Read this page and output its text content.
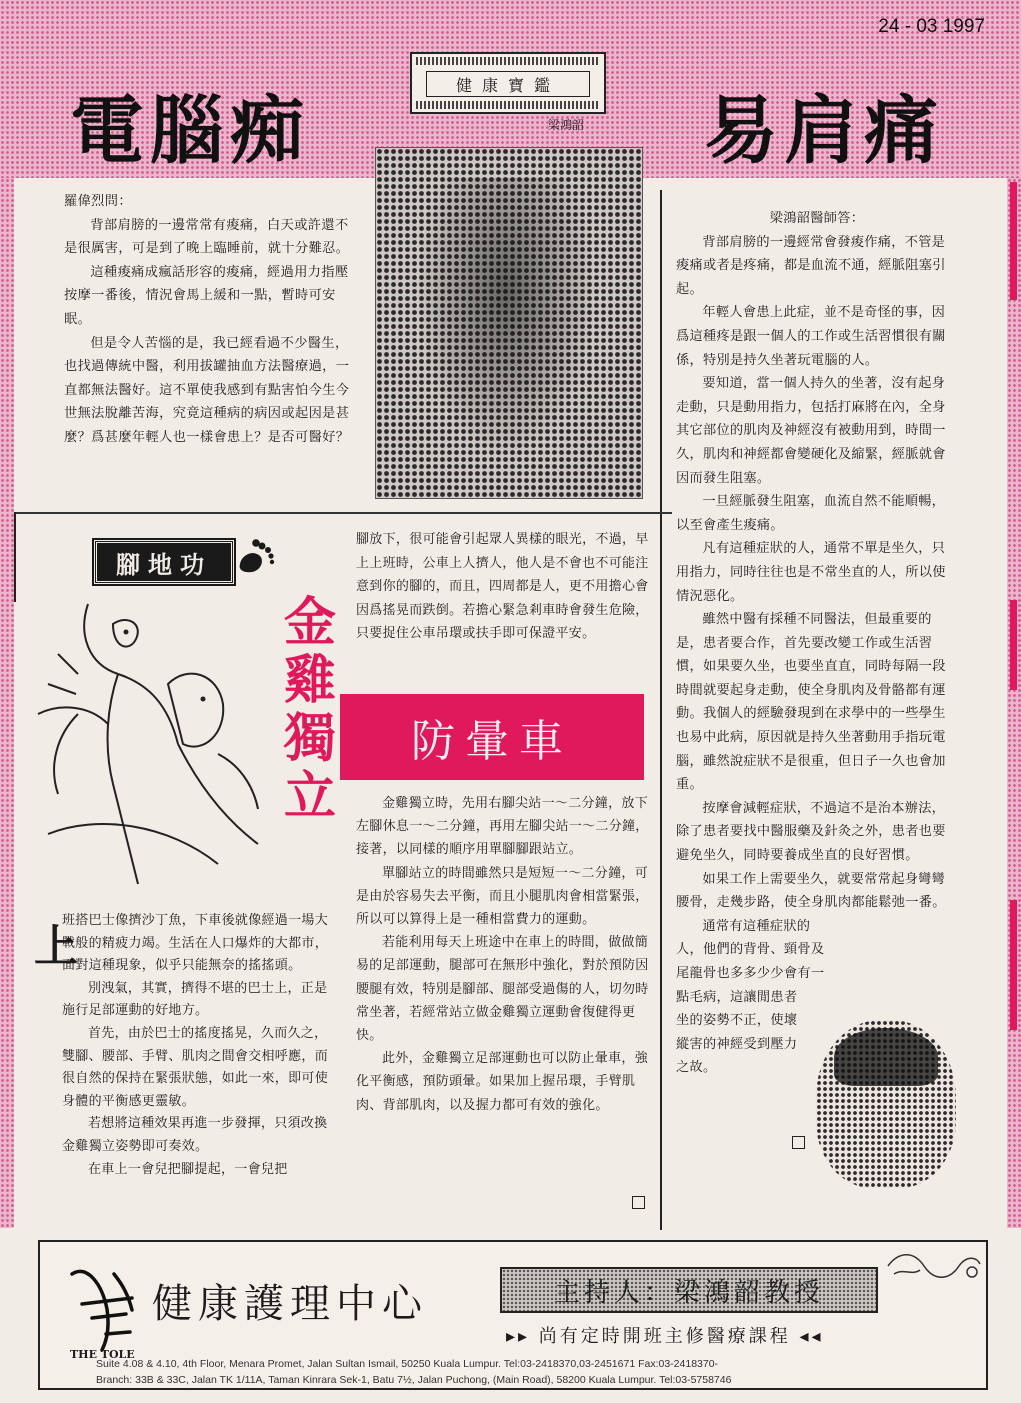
24 - 03 1997
電腦痴	易肩痛
健康寶鑑
梁鴻韶

羅偉烈問：

背部肩膀的一邊常常有痠痛，白天或許還不是很厲害，可是到了晚上臨睡前，就十分難忍。

這種痠痛成瘋話形容的痠痛，經過用力指壓按摩一番後，情況會馬上緩和一點，暫時可安眠。

但是令人苦惱的是，我已經看過不少醫生，也找過傳統中醫，利用拔罐抽血方法醫療過，一直都無法醫好。這不單使我感到有點害怕今生今世無法脫離苦海，究竟這種病的病因或起因是甚麼？爲甚麼年輕人也一樣會患上？是否可醫好？

梁鴻韶醫師答：

背部肩膀的一邊經常會發痠作痛，不管是痠痛或者是疼痛，都是血流不通，經脈阻塞引起。

年輕人會患上此症，並不是奇怪的事，因爲這種疼是跟一個人的工作或生活習慣很有關係，特別是持久坐著玩電腦的人。

要知道，當一個人持久的坐著，沒有起身走動，只是動用指力，包括打麻將在內，全身其它部位的肌肉及神經沒有被動用到，時間一久，肌肉和神經都會變硬化及縮緊，經脈就會因而發生阻塞。

一旦經脈發生阻塞，血流自然不能順暢，以至會產生痠痛。

凡有這種症狀的人，通常不單是坐久，只用指力，同時往往也是不常坐直的人，所以使情況惡化。

雖然中醫有採種不同醫法，但最重要的是，患者要合作，首先要改變工作或生活習慣，如果要久坐，也要坐直直，同時每隔一段時間就要起身走動，使全身肌肉及骨骼都有運動。我個人的經驗發現到在求學中的一些學生也易中此病，原因就是持久坐著動用手指玩電腦，雖然說症狀不是很重，但日子一久也會加重。

按摩會減輕症狀，不過這不是治本辦法，除了患者要找中醫服藥及針灸之外，患者也要避免坐久，同時要養成坐直的良好習慣。

如果工作上需要坐久，就要常常起身彎彎腰骨，走幾步路，使全身肌肉都能鬆弛一番。

通常有這種症狀的人，他們的背骨、頸骨及尾龍骨也多多少少會有一點毛病，這讓閒患者

坐的姿勢不正，使壞縱害的神經受到壓力之故。

腳地功
金
雞
獨
立

腳放下，很可能會引起眾人異樣的眼光，不過，早上上班時，公車上人擠人，他人是不會也不可能注意到你的腳的，而且，四周都是人，更不用擔心會因爲搖晃而跌倒。若擔心緊急剎車時會發生危險，只要捉住公車吊環或扶手即可保證平安。

防暈車

金雞獨立時，先用右腳尖站一～二分鐘，放下左腳休息一～二分鐘，再用左腳尖站一～二分鐘，接著，以同樣的順序用單腳腳跟站立。

單腳站立的時間雖然只是短短一～二分鐘，可是由於容易失去平衡，而且小腿肌肉會相當緊張，所以可以算得上是一種相當費力的運動。

若能利用每天上班途中在車上的時間，做做簡易的足部運動，腿部可在無形中強化，對於預防因腰腿有效，特別是腳部、腿部受過傷的人，切勿時常坐著，若經常站立做金雞獨立運動會復健得更快。

此外，金雞獨立足部運動也可以防止暈車，強化平衡感，預防頭暈。如果加上握吊環，手臂肌肉、背部肌肉，以及握力都可有效的強化。

上

班搭巴士像擠沙丁魚，下車後就像經過一場大戰般的精疲力竭。生活在人口爆炸的大都市，面對這種現象，似乎只能無奈的搖搖頭。

別洩氣，其實，擠得不堪的巴士上，正是施行足部運動的好地方。

首先，由於巴士的搖度搖晃，久而久之，雙腳、腰部、手臂、肌肉之間會交相呼應，而很自然的保持在緊張狀態，如此一來，即可使身體的平衡感更靈敏。

若想將這種效果再進一步發揮，只須改換金雞獨立姿勢即可奏效。

在車上一會兒把腳提起，一會兒把

THE TOLE
健康護理中心	主持人：梁鴻韶教授
▸▸ 尚有定時開班主修醫療課程 ◂◂
Suite 4.08 & 4.10, 4th Floor, Menara Promet, Jalan Sultan Ismail, 50250 Kuala Lumpur. Tel:03-2418370,03-2451671 Fax:03-2418370-
Branch: 33B & 33C, Jalan TK 1/11A, Taman Kinrara Sek-1, Batu 7½, Jalan Puchong, (Main Road), 58200 Kuala Lumpur. Tel:03-5758746
